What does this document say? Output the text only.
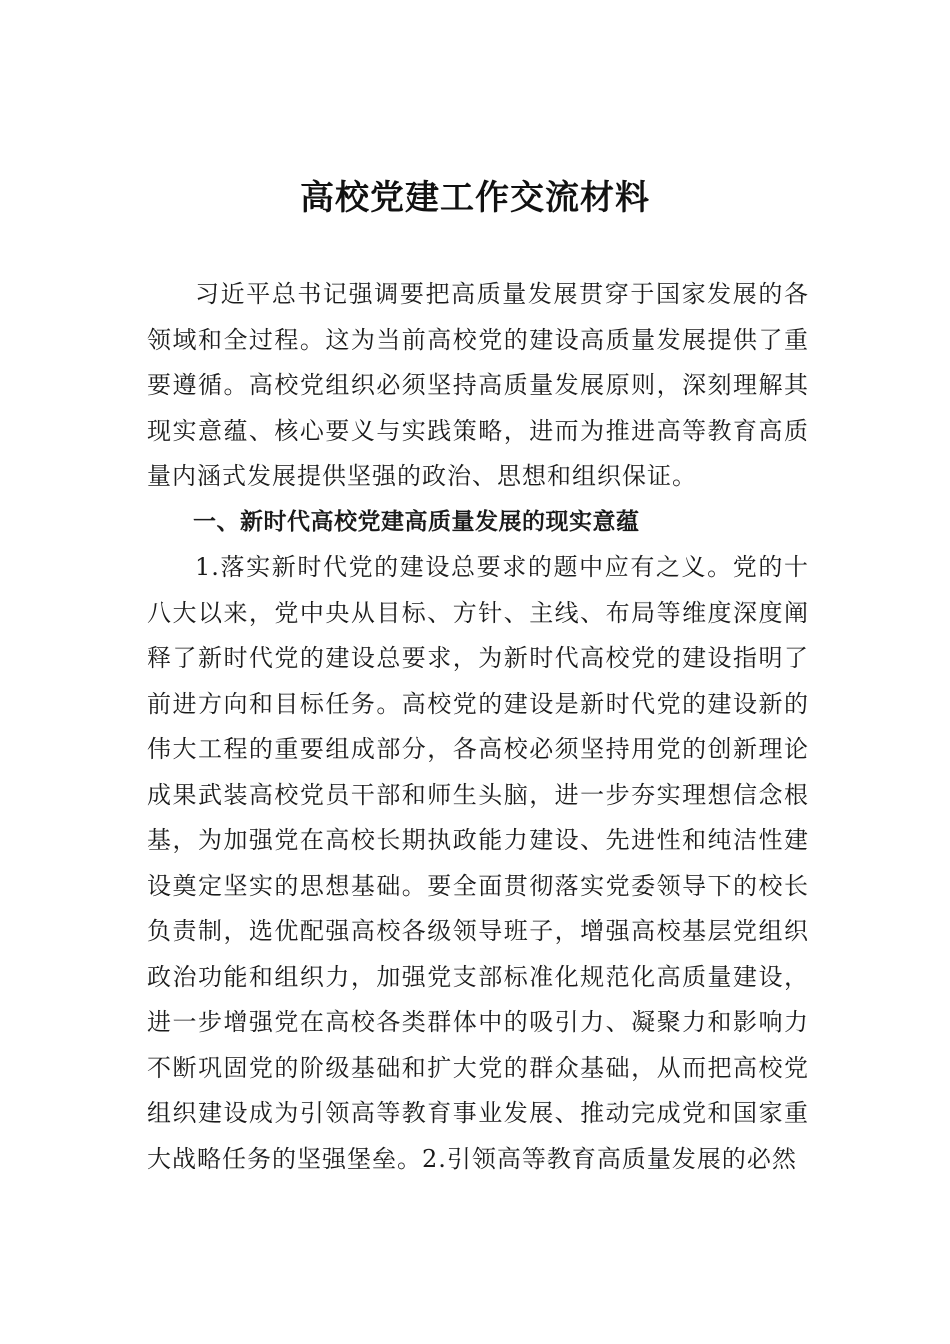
高校党建工作交流材料

习近平总书记强调要把高质量发展贯穿于国家发展的各领域和全过程。这为当前高校党的建设高质量发展提供了重要遵循。高校党组织必须坚持高质量发展原则，深刻理解其现实意蕴、核心要义与实践策略，进而为推进高等教育高质量内涵式发展提供坚强的政治、思想和组织保证。

一、新时代高校党建高质量发展的现实意蕴

1.落实新时代党的建设总要求的题中应有之义。党的十八大以来，党中央从目标、方针、主线、布局等维度深度阐释了新时代党的建设总要求，为新时代高校党的建设指明了前进方向和目标任务。高校党的建设是新时代党的建设新的伟大工程的重要组成部分，各高校必须坚持用党的创新理论成果武装高校党员干部和师生头脑，进一步夯实理想信念根基，为加强党在高校长期执政能力建设、先进性和纯洁性建设奠定坚实的思想基础。要全面贯彻落实党委领导下的校长负责制，选优配强高校各级领导班子，增强高校基层党组织政治功能和组织力，加强党支部标准化规范化高质量建设，进一步增强党在高校各类群体中的吸引力、凝聚力和影响力不断巩固党的阶级基础和扩大党的群众基础，从而把高校党组织建设成为引领高等教育事业发展、推动完成党和国家重大战略任务的坚强堡垒。2.引领高等教育高质量发展的必然
